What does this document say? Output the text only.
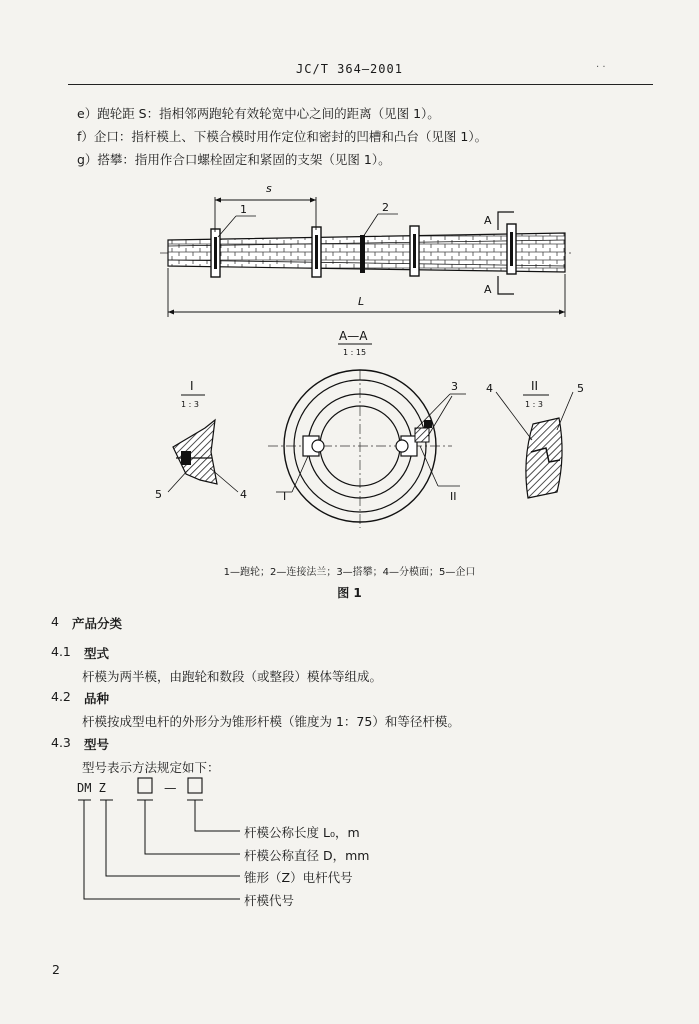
JC/T 364—2001	· ·
e）跑轮距 S：指相邻两跑轮有效轮宽中心之间的距离（见图 1）。
f）企口：指杆模上、下模合模时用作定位和密封的凹槽和凸台（见图 1）。
g）搭攀：指用作合口螺栓固定和紧固的支架（见图 1）。
s
L
1	2
A
A
A—A
1 : 15
3
I	II
I
1 : 3
5	4
II
1 : 3
4	5
1—跑轮；2—连接法兰；3—搭攀；4—分模面；5—企口
图 1
4 产品分类
4.1 型式
杆模为两半模，由跑轮和数段（或整段）模体等组成。
4.2 品种
杆模按成型电杆的外形分为锥形杆模（锥度为 1：75）和等径杆模。
4.3 型号
型号表示方法规定如下：
DM Z	—
杆模公称长度 L₀，m
杆模公称直径 D，mm
锥形（Z）电杆代号
杆模代号
2
